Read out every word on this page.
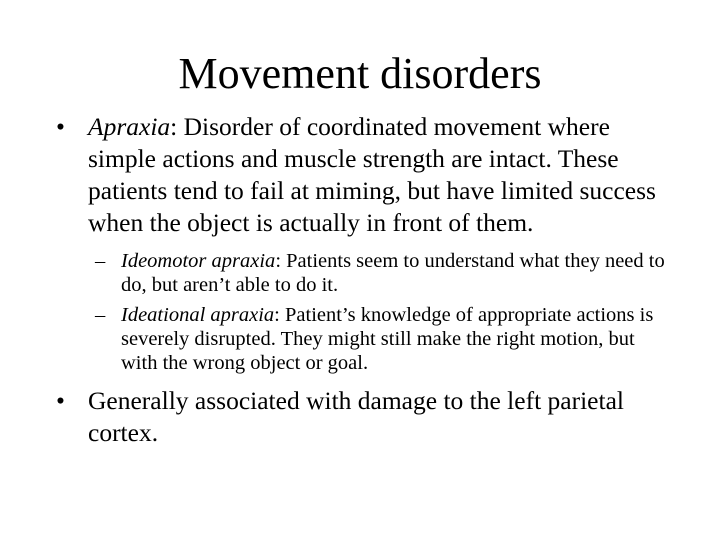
Movement disorders
• Apraxia: Disorder of coordinated movement where simple actions and muscle strength are intact. These patients tend to fail at miming, but have limited success when the object is actually in front of them.
– Ideomotor apraxia: Patients seem to understand what they need to do, but aren’t able to do it.
– Ideational apraxia: Patient’s knowledge of appropriate actions is severely disrupted. They might still make the right motion, but with the wrong object or goal.
• Generally associated with damage to the left parietal cortex.
